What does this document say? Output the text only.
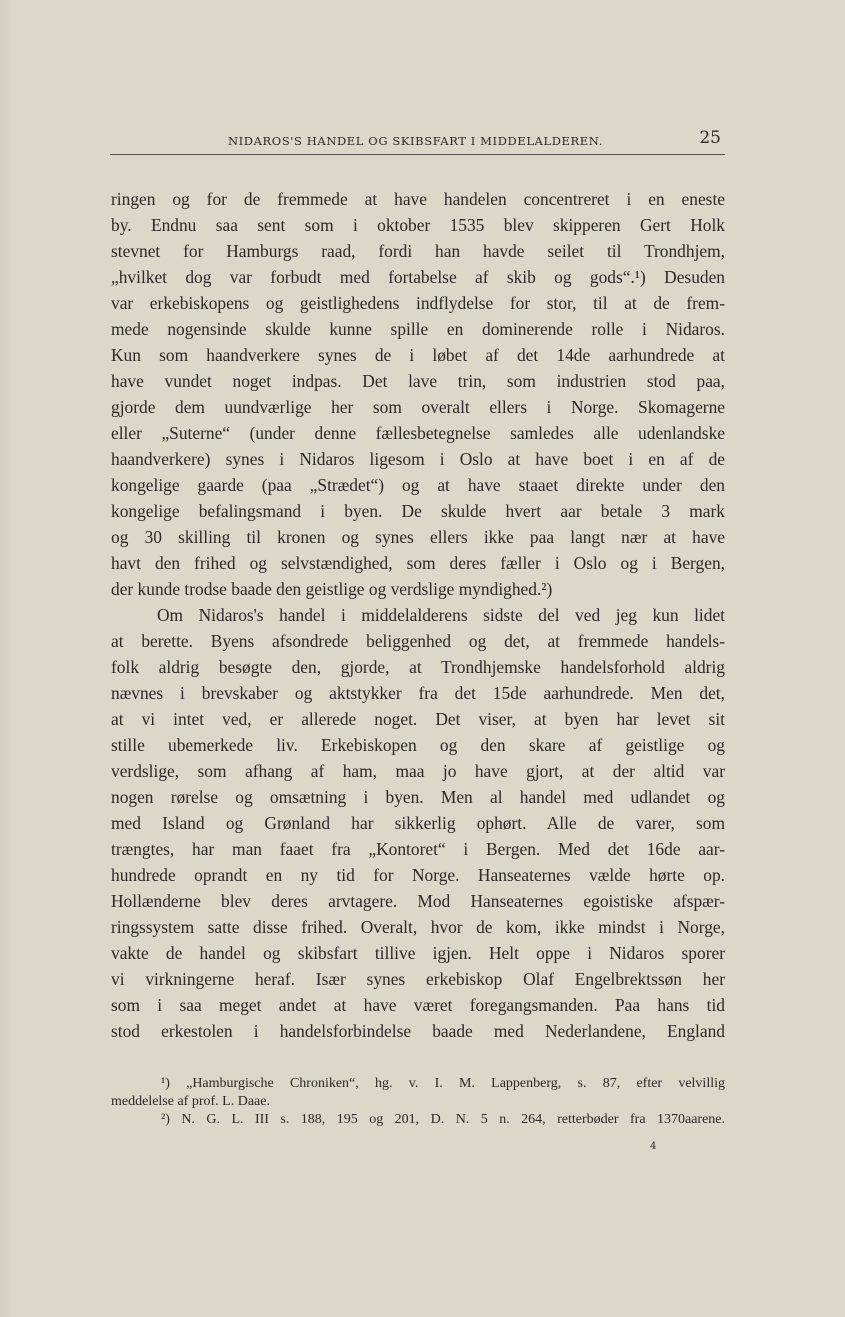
NIDAROS'S HANDEL OG SKIBSFART I MIDDELALDEREN.	25
ringen og for de fremmede at have handelen concentreret i en eneste
by. Endnu saa sent som i oktober 1535 blev skipperen Gert Holk
stevnet for Hamburgs raad, fordi han havde seilet til Trondhjem,
„hvilket dog var forbudt med fortabelse af skib og gods“.¹) Desuden
var erkebiskopens og geistlighedens indflydelse for stor, til at de frem-
mede nogensinde skulde kunne spille en dominerende rolle i Nidaros.
Kun som haandverkere synes de i løbet af det 14de aarhundrede at
have vundet noget indpas. Det lave trin, som industrien stod paa,
gjorde dem uundværlige her som overalt ellers i Norge. Skomagerne
eller „Suterne“ (under denne fællesbetegnelse samledes alle udenlandske
haandverkere) synes i Nidaros ligesom i Oslo at have boet i en af de
kongelige gaarde (paa „Strædet“) og at have staaet direkte under den
kongelige befalingsmand i byen. De skulde hvert aar betale 3 mark
og 30 skilling til kronen og synes ellers ikke paa langt nær at have
havt den frihed og selvstændighed, som deres fæller i Oslo og i Bergen,
der kunde trodse baade den geistlige og verdslige myndighed.²)
Om Nidaros's handel i middelalderens sidste del ved jeg kun lidet
at berette. Byens afsondrede beliggenhed og det, at fremmede handels-
folk aldrig besøgte den, gjorde, at Trondhjemske handelsforhold aldrig
nævnes i brevskaber og aktstykker fra det 15de aarhundrede. Men det,
at vi intet ved, er allerede noget. Det viser, at byen har levet sit
stille ubemerkede liv. Erkebiskopen og den skare af geistlige og
verdslige, som afhang af ham, maa jo have gjort, at der altid var
nogen rørelse og omsætning i byen. Men al handel med udlandet og
med Island og Grønland har sikkerlig ophørt. Alle de varer, som
trængtes, har man faaet fra „Kontoret“ i Bergen. Med det 16de aar-
hundrede oprandt en ny tid for Norge. Hanseaternes vælde hørte op.
Hollænderne blev deres arvtagere. Mod Hanseaternes egoistiske afspær-
ringssystem satte disse frihed. Overalt, hvor de kom, ikke mindst i Norge,
vakte de handel og skibsfart tillive igjen. Helt oppe i Nidaros sporer
vi virkningerne heraf. Især synes erkebiskop Olaf Engelbrektssøn her
som i saa meget andet at have været foregangsmanden. Paa hans tid
stod erkestolen i handelsforbindelse baade med Nederlandene, England
¹) „Hamburgische Chroniken“, hg. v. I. M. Lappenberg, s. 87, efter velvillig
meddelelse af prof. L. Daae.
²) N. G. L. III s. 188, 195 og 201, D. N. 5 n. 264, retterbøder fra 1370aarene.
4
